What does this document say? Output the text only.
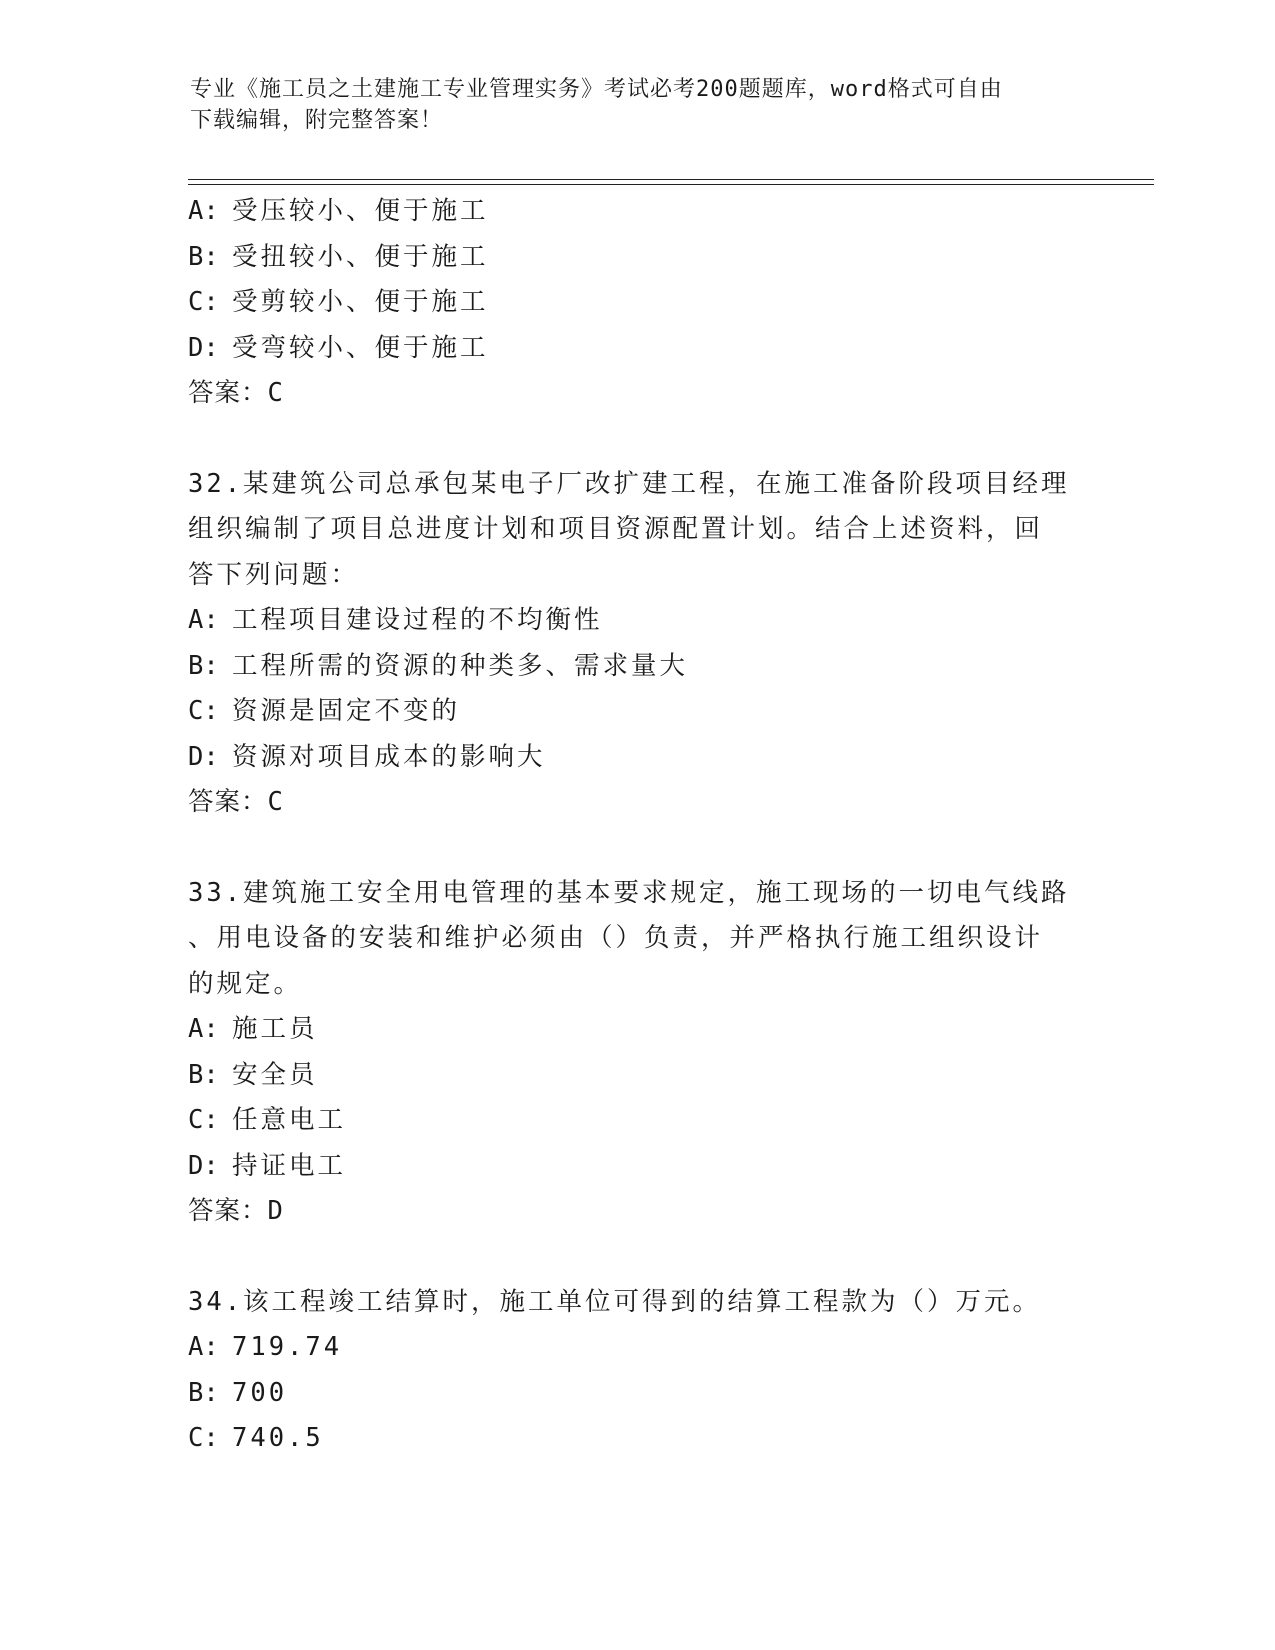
专业《施工员之土建施工专业管理实务》考试必考200题题库，word格式可自由
下载编辑，附完整答案！
A: 受压较小、便于施工
B: 受扭较小、便于施工
C: 受剪较小、便于施工
D: 受弯较小、便于施工
答案：C
32.某建筑公司总承包某电子厂改扩建工程，在施工准备阶段项目经理
组织编制了项目总进度计划和项目资源配置计划。结合上述资料，回
答下列问题：
A: 工程项目建设过程的不均衡性
B: 工程所需的资源的种类多、需求量大
C: 资源是固定不变的
D: 资源对项目成本的影响大
答案：C
33.建筑施工安全用电管理的基本要求规定，施工现场的一切电气线路
、用电设备的安装和维护必须由（）负责，并严格执行施工组织设计
的规定。
A: 施工员
B: 安全员
C: 任意电工
D: 持证电工
答案：D
34.该工程竣工结算时，施工单位可得到的结算工程款为（）万元。
A: 719.74
B: 700
C: 740.5
